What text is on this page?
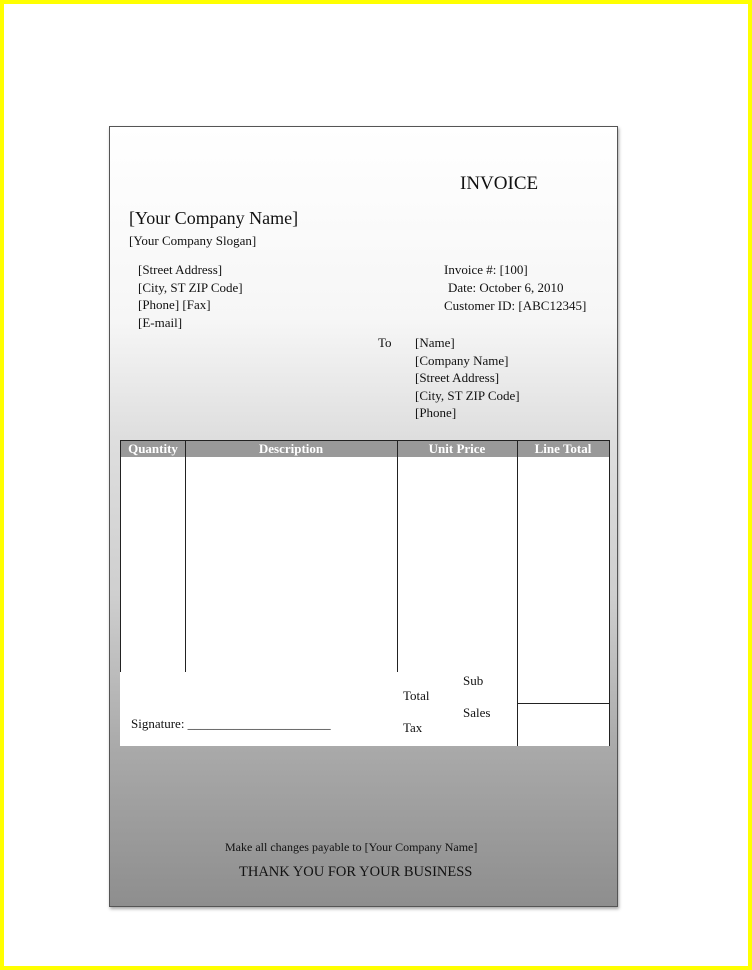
INVOICE
[Your Company Name]
[Your Company Slogan]
[Street Address]
[City, ST ZIP Code]
[Phone] [Fax]
[E-mail]
Invoice #: [100]
Date: October 6, 2010
Customer ID: [ABC12345]
To [Name]
[Company Name]
[Street Address]
[City, ST ZIP Code]
[Phone]
Quantity	Description	Unit Price	Line Total
Sub
Total
Sales
Tax
Signature: ______________________
Make all changes payable to [Your Company Name]
THANK YOU FOR YOUR BUSINESS
